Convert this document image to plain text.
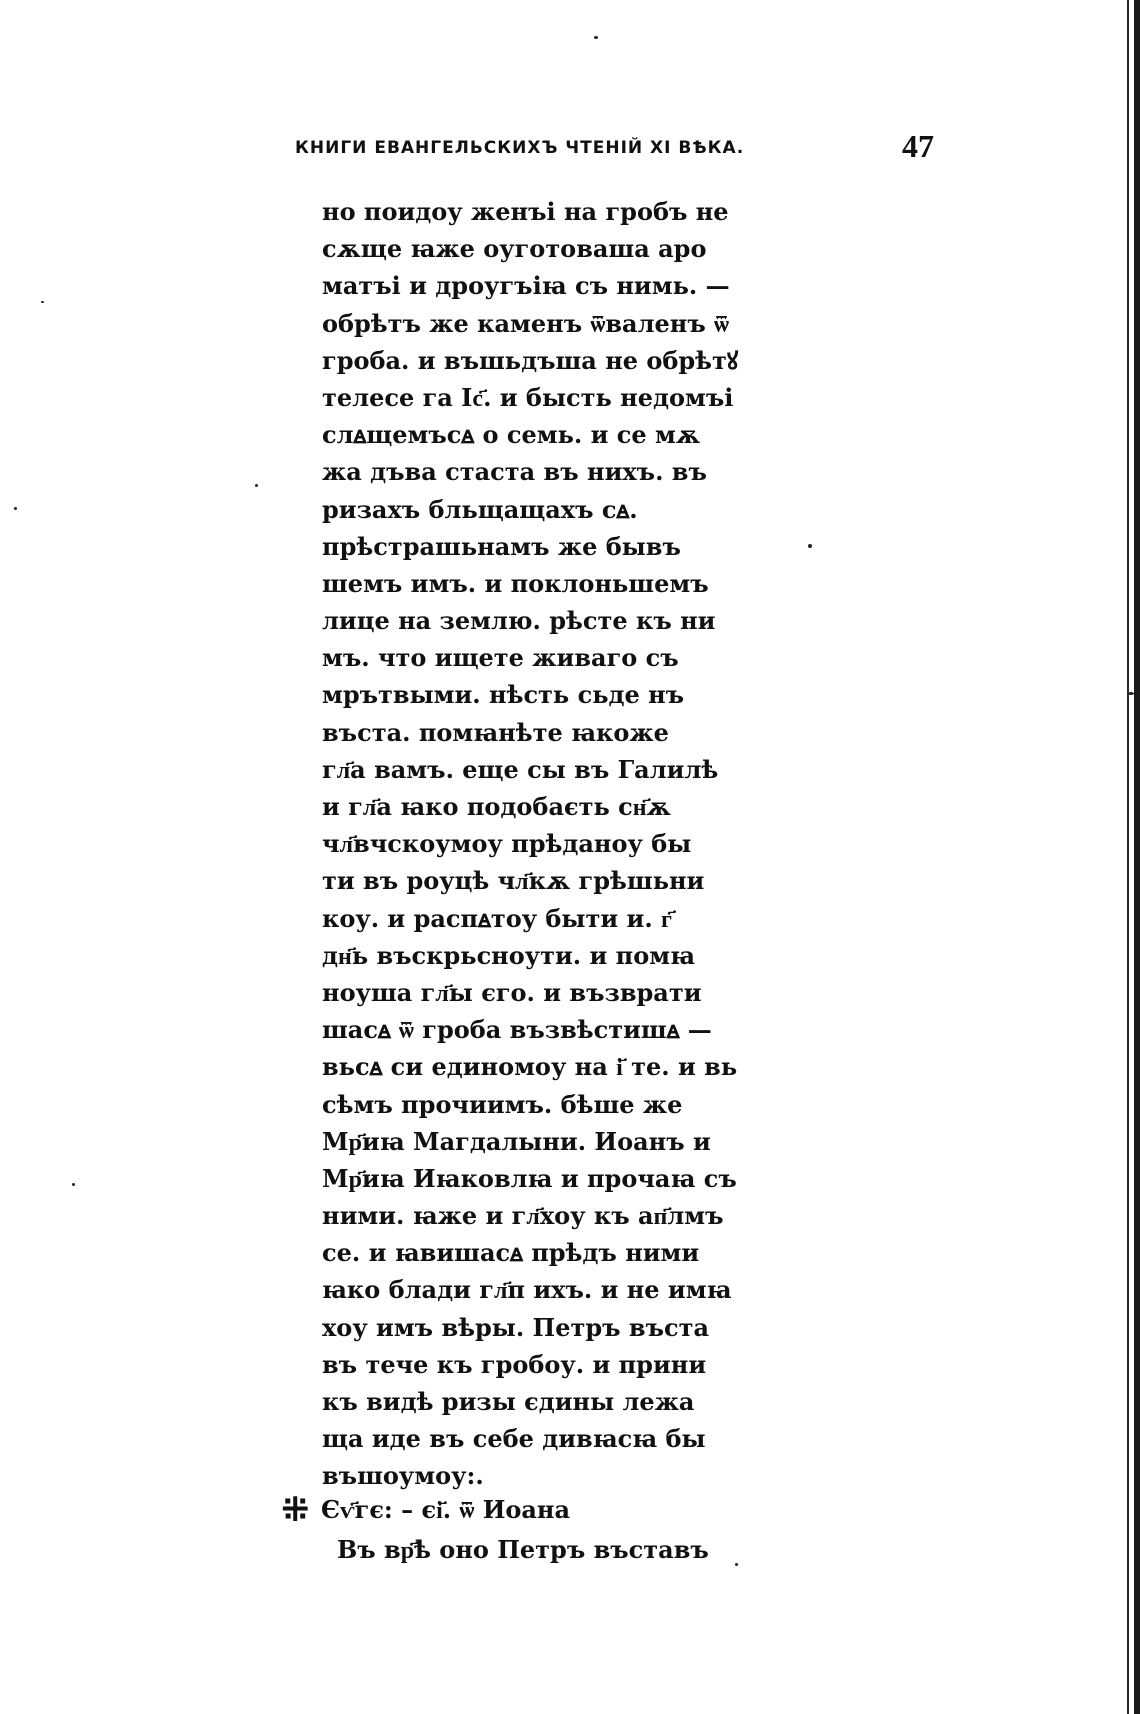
КНИГИ ЕВАНГЕЛЬСКИХЪ ЧТЕНІЙ XI ВѢКА.	47
но поидоу женъі на гробъ не
сѫще ꙗже оуготоваша аро
матъі и дроугъіꙗ съ нимь. —
обрѣтъ же каменъ ѿваленъ ѿ
гроба. и въшьдъша не обрѣтꙋ
телесе га Іс҃. и бысть недомъі
слꙙщемъсꙙ о семь. и се мѫ
жа дъва стаста въ нихъ. въ
ризахъ бльщащахъ сꙙ.
прѣстрашьнамъ же бывъ
шемъ имъ. и поклоньшемъ
лице на землю. рѣсте къ ни
мъ. что ищете живаго съ
мрътвыми. нѣсть сьде нъ
въста. помꙗнѣте ꙗкоже
гл҃а вамъ. еще сы въ Галилѣ
и гл҃а ꙗко подобаєть сн҃ѫ
чл҃вчскоумоу прѣданоу бы
ти въ роуцѣ чл҃кѫ грѣшьни
коу. и распꙙтоу быти и. г҃
дн҃ь въскрьсноути. и помꙗ
ноуша гл҃ы єго. и възврати
шасꙙ ѿ гроба възвѣстишꙙ —
вьсꙙ си единомоу на і҃ те. и вь
сѣмъ прочиимъ. бѣше же
Мр҃иꙗ Магдалыни. Иоанъ и
Мр҃иꙗ Иꙗковлꙗ и прочаꙗ съ
ними. ꙗже и гл҃хоу къ ап҃лмъ
се. и ꙗвишасꙙ прѣдъ ними
ꙗко блади гл҃п ихъ. и не имꙗ
хоу имъ вѣры. Петръ въста
въ тече къ гробоу. и прини
къ видѣ ризы єдины лежа
ща иде въ себе дивꙗсꙗ бы
въшоумоу:.
⁜ Єѵ҃гє: – єі҃. ѿ Иоана
Въ вр҃ѣ оно Петръ въставъ
